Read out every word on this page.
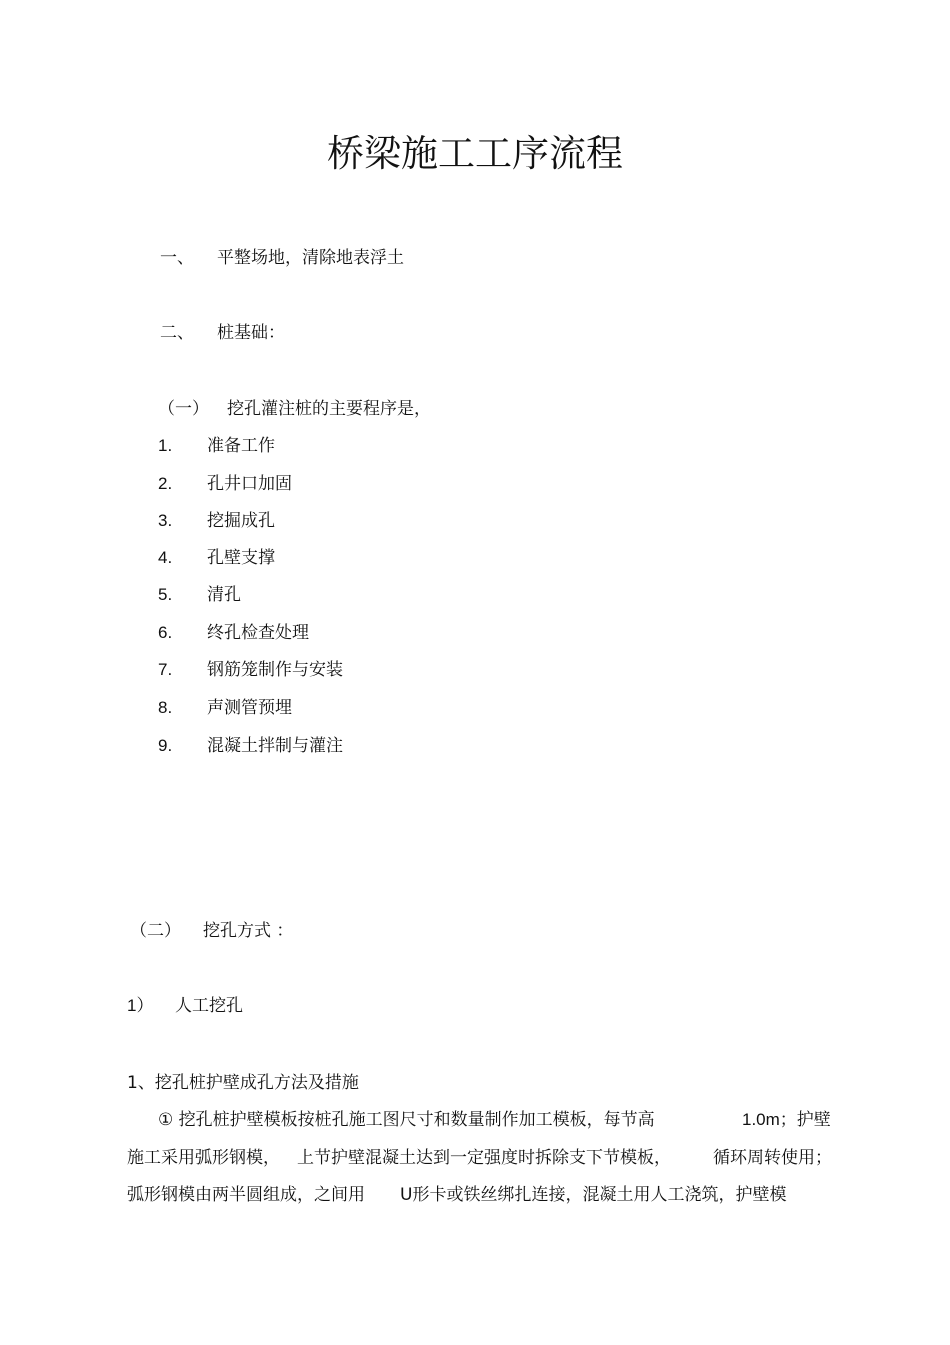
桥梁施工工序流程
一、 平整场地，清除地表浮土
二、 桩基础：
（一） 挖孔灌注桩的主要程序是，
1. 准备工作
2. 孔井口加固
3. 挖掘成孔
4. 孔壁支撑
5. 清孔
6. 终孔检查处理
7. 钢筋笼制作与安装
8. 声测管预埋
9. 混凝土拌制与灌注
（二） 挖孔方式 ：
1） 人工挖孔
1、挖孔桩护壁成孔方法及措施
① 挖孔桩护壁模板按桩孔施工图尺寸和数量制作加工模板，每节高	1.0m；护壁
施工采用弧形钢模， 上节护壁混凝土达到一定强度时拆除支下节模板， 循环周转使用；
弧形钢模由两半圆组成，之间用 U形卡或铁丝绑扎连接，混凝土用人工浇筑，护壁模
